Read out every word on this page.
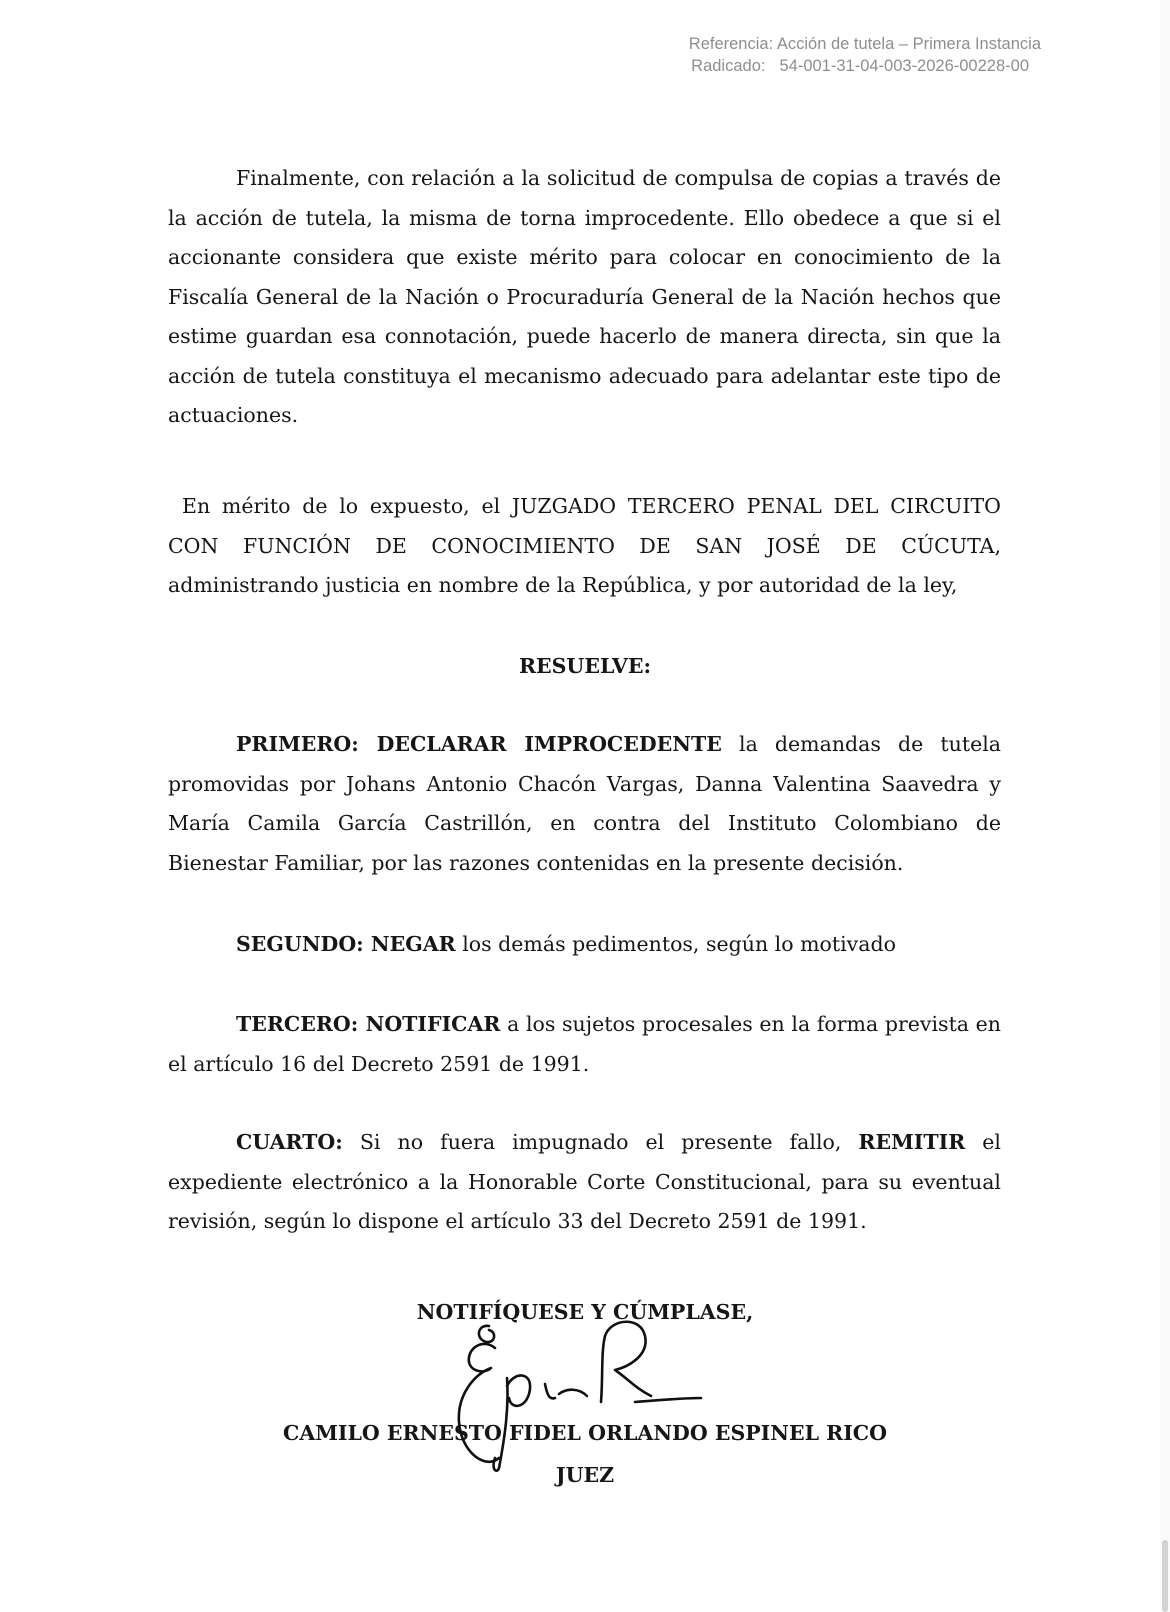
Referencia: Acción de tutela – Primera Instancia
Radicado: 54-001-31-04-003-2026-00228-00

Finalmente, con relación a la solicitud de compulsa de copias a través de la acción de tutela, la misma de torna improcedente. Ello obedece a que si el accionante considera que existe mérito para colocar en conocimiento de la Fiscalía General de la Nación o Procuraduría General de la Nación hechos que estime guardan esa connotación, puede hacerlo de manera directa, sin que la acción de tutela constituya el mecanismo adecuado para adelantar este tipo de actuaciones.

En mérito de lo expuesto, el JUZGADO TERCERO PENAL DEL CIRCUITO CON FUNCIÓN DE CONOCIMIENTO DE SAN JOSÉ DE CÚCUTA, administrando justicia en nombre de la República, y por autoridad de la ley,

RESUELVE:

PRIMERO: DECLARAR IMPROCEDENTE la demandas de tutela promovidas por Johans Antonio Chacón Vargas, Danna Valentina Saavedra y María Camila García Castrillón, en contra del Instituto Colombiano de Bienestar Familiar, por las razones contenidas en la presente decisión.

SEGUNDO: NEGAR los demás pedimentos, según lo motivado

TERCERO: NOTIFICAR a los sujetos procesales en la forma prevista en el artículo 16 del Decreto 2591 de 1991.

CUARTO: Si no fuera impugnado el presente fallo, REMITIR el expediente electrónico a la Honorable Corte Constitucional, para su eventual revisión, según lo dispone el artículo 33 del Decreto 2591 de 1991.

NOTIFÍQUESE Y CÚMPLASE,

CAMILO ERNESTO FIDEL ORLANDO ESPINEL RICO

JUEZ
